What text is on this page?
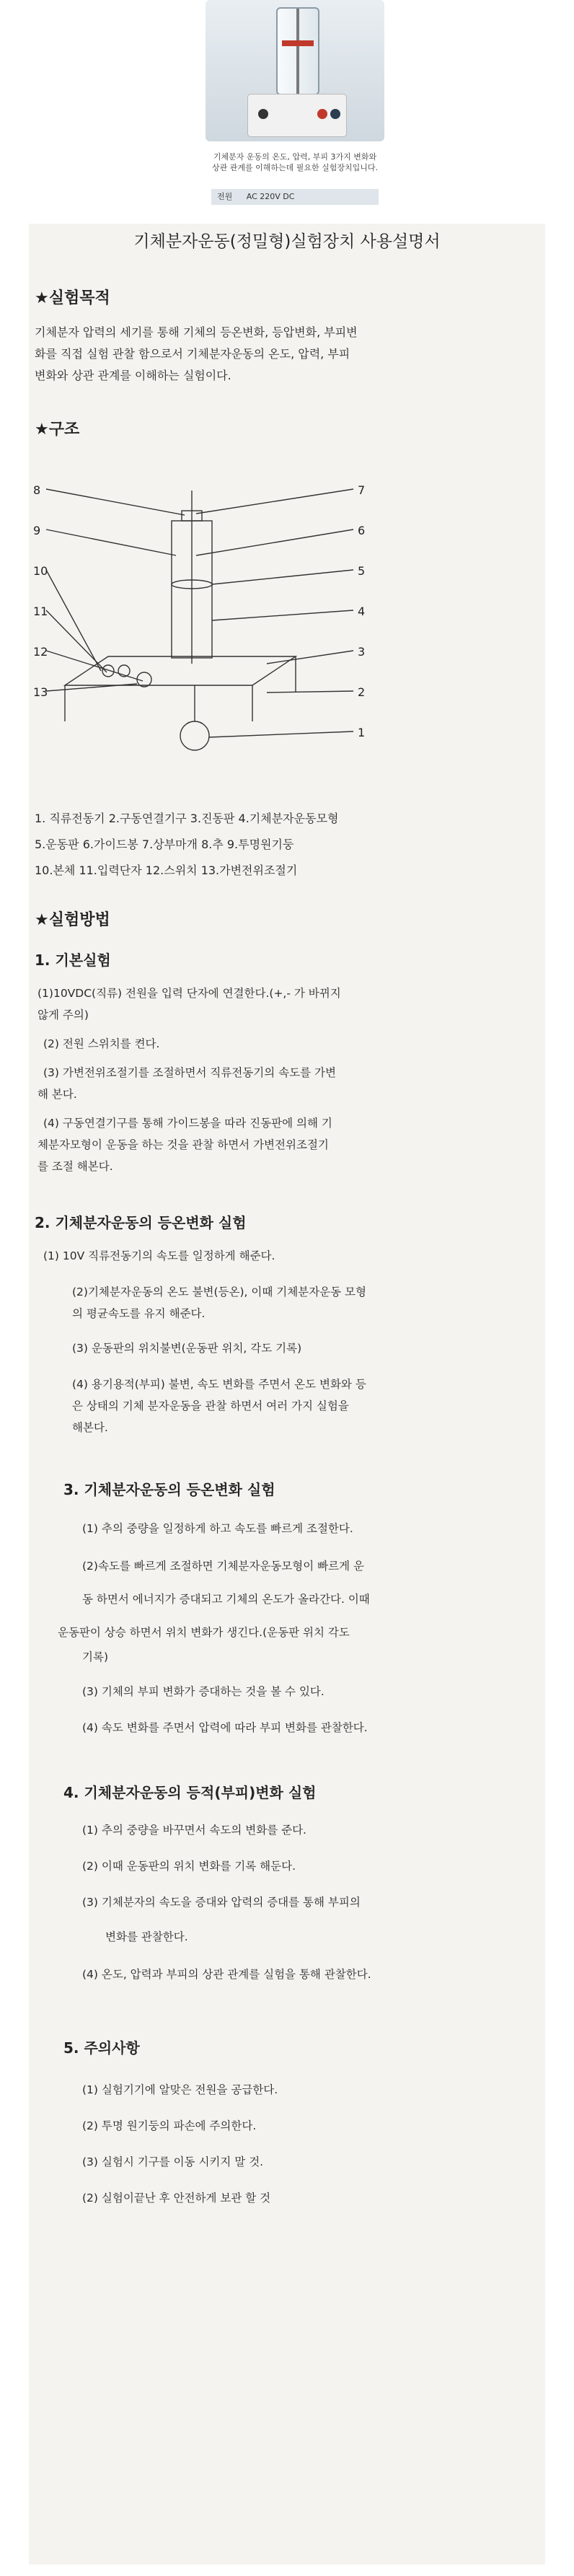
기체분자 운동의 온도, 압력, 부피 3가지 변화와 상관 관계를 이해하는데 필요한 실험장치입니다.
전원 AC 220V DC
기체분자운동(정밀형)실험장치 사용설명서
★실험목적
기체분자 압력의 세기를 통해 기체의 등온변화, 등압변화, 부피변
화를 직접 실험 관찰 함으로서 기체분자운동의 온도, 압력, 부피
변화와 상관 관계를 이해하는 실험이다.
★구조
8
9
10
11
12
13
7
6
5
4
3
2
1
1. 직류전동기 2.구동연결기구 3.진동판 4.기체분자운동모형
5.운동판 6.가이드봉 7.상부마개 8.추 9.투명원기둥
10.본체 11.입력단자 12.스위치 13.가변전위조절기
★실험방법
1. 기본실험
(1)10VDC(직류) 전원을 입력 단자에 연결한다.(+,- 가 바뀌지
않게 주의)
(2) 전원 스위치를 켠다.
(3) 가변전위조절기를 조절하면서 직류전동기의 속도를 가변
해 본다.
(4) 구동연결기구를 통해 가이드봉을 따라 진동판에 의해 기
체분자모형이 운동을 하는 것을 관찰 하면서 가변전위조절기
를 조절 해본다.
2. 기체분자운동의 등온변화 실험
(1) 10V 직류전동기의 속도를 일정하게 해준다.
(2)기체분자운동의 온도 불변(등온), 이때 기체분자운동 모형
의 평균속도를 유지 해준다.
(3) 운동판의 위치불변(운동판 위치, 각도 기록)
(4) 용기용적(부피) 불변, 속도 변화를 주면서 온도 변화와 등
은 상태의 기체 분자운동을 관찰 하면서 여러 가지 실험을
해본다.
3. 기체분자운동의 등온변화 실험
(1) 추의 중량을 일정하게 하고 속도를 빠르게 조절한다.
(2)속도를 빠르게 조절하면 기체분자운동모형이 빠르게 운
동 하면서 에너지가 증대되고 기체의 온도가 올라간다. 이때
운동판이 상승 하면서 위치 변화가 생긴다.(운동판 위치 각도
기록)
(3) 기체의 부피 변화가 증대하는 것을 볼 수 있다.
(4) 속도 변화를 주면서 압력에 따라 부피 변화를 관찰한다.
4. 기체분자운동의 등적(부피)변화 실험
(1) 추의 중량을 바꾸면서 속도의 변화를 준다.
(2) 이때 운동판의 위치 변화를 기록 해둔다.
(3) 기체분자의 속도을 증대와 압력의 증대를 통해 부피의
변화를 관찰한다.
(4) 온도, 압력과 부피의 상관 관계를 실험을 통해 관찰한다.
5. 주의사항
(1) 실험기기에 알맞은 전원을 공급한다.
(2) 투명 원기둥의 파손에 주의한다.
(3) 실험시 기구를 이동 시키지 말 것.
(2) 실험이끝난 후 안전하게 보관 할 것
